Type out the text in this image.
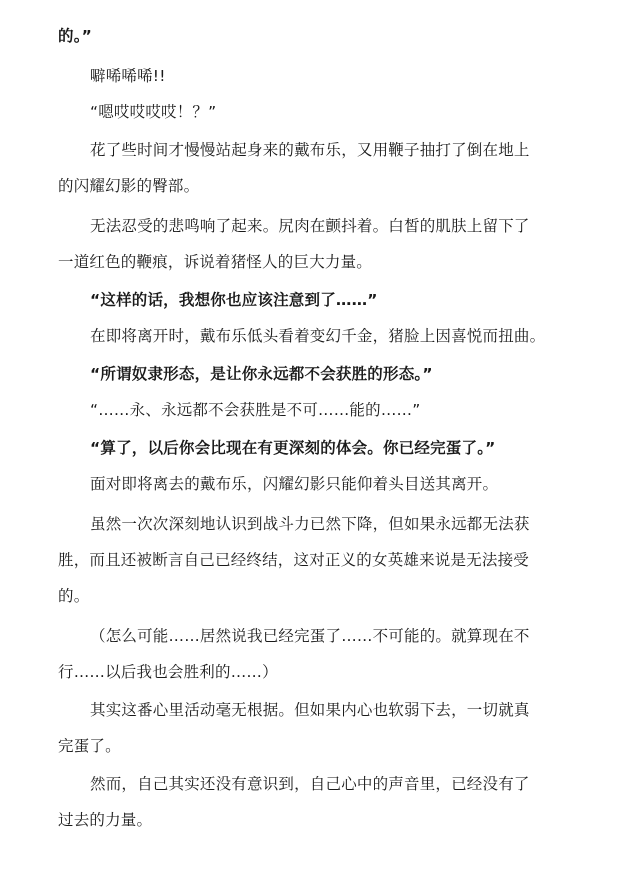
的。”
噼唏唏唏!!
“嗯哎哎哎哎！？”
花了些时间才慢慢站起身来的戴布乐，又用鞭子抽打了倒在地上
的闪耀幻影的臀部。
无法忍受的悲鸣响了起来。尻肉在颤抖着。白皙的肌肤上留下了
一道红色的鞭痕，诉说着猪怪人的巨大力量。
“这样的话，我想你也应该注意到了……”
在即将离开时，戴布乐低头看着变幻千金，猪脸上因喜悦而扭曲。
“所谓奴隶形态，是让你永远都不会获胜的形态。”
“……永、永远都不会获胜是不可……能的……”
“算了，以后你会比现在有更深刻的体会。你已经完蛋了。”
面对即将离去的戴布乐，闪耀幻影只能仰着头目送其离开。
虽然一次次深刻地认识到战斗力已然下降，但如果永远都无法获
胜，而且还被断言自己已经终结，这对正义的女英雄来说是无法接受
的。
（怎么可能……居然说我已经完蛋了……不可能的。就算现在不
行……以后我也会胜利的……）
其实这番心里活动毫无根据。但如果内心也软弱下去，一切就真
完蛋了。
然而，自己其实还没有意识到，自己心中的声音里，已经没有了
过去的力量。
